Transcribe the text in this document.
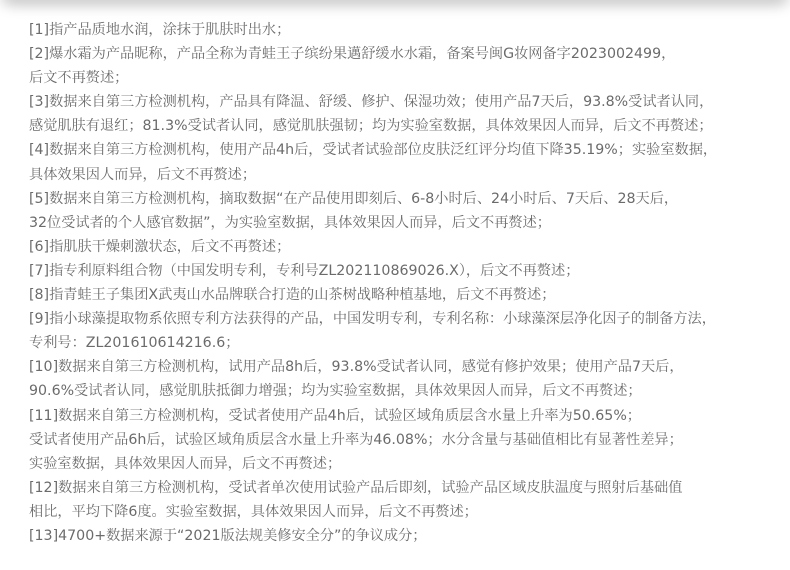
[1]指产品质地水润，涂抹于肌肤时出水；
[2]爆水霜为产品昵称，产品全称为青蛙王子缤纷果邁舒缓水水霜，备案号闽G妆网备字2023002499，
后文不再赘述；
[3]数据来自第三方检测机构，产品具有降温、舒缓、修护、保湿功效；使用产品7天后，93.8%受试者认同，
感觉肌肤有退红；81.3%受试者认同，感觉肌肤强韧；均为实验室数据，具体效果因人而异，后文不再赘述；
[4]数据来自第三方检测机构，使用产品4h后，受试者试验部位皮肤泛红评分均值下降35.19%；实验室数据，
具体效果因人而异，后文不再赘述；
[5]数据来自第三方检测机构，摘取数据“在产品使用即刻后、6-8小时后、24小时后、7天后、28天后，
32位受试者的个人感官数据”，为实验室数据，具体效果因人而异，后文不再赘述；
[6]指肌肤干燥刺激状态，后文不再赘述；
[7]指专利原料组合物（中国发明专利，专利号ZL202110869026.X），后文不再赘述；
[8]指青蛙王子集团X武夷山水品牌联合打造的山茶树战略种植基地，后文不再赘述；
[9]指小球藻提取物系依照专利方法获得的产品，中国发明专利，专利名称：小球藻深层净化因子的制备方法，
专利号：ZL201610614216.6；
[10]数据来自第三方检测机构，试用产品8h后，93.8%受试者认同，感觉有修护效果；使用产品7天后，
90.6%受试者认同，感觉肌肤抵御力增强；均为实验室数据，具体效果因人而异，后文不再赘述；
[11]数据来自第三方检测机构，受试者使用产品4h后，试验区域角质层含水量上升率为50.65%；
受试者使用产品6h后，试验区域角质层含水量上升率为46.08%；水分含量与基础值相比有显著性差异；
实验室数据，具体效果因人而异，后文不再赘述；
[12]数据来自第三方检测机构，受试者单次使用试验产品后即刻，试验产品区域皮肤温度与照射后基础值
相比，平均下降6度。实验室数据，具体效果因人而异，后文不再赘述；
[13]4700+数据来源于“2021版法规美修安全分”的争议成分；
